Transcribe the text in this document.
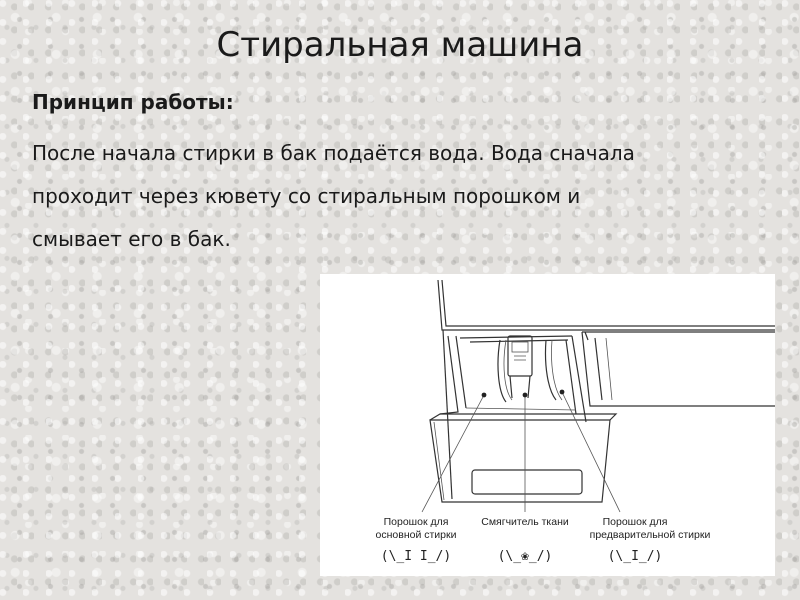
Стиральная машина
Принцип работы:
После начала стирки в бак подаётся вода. Вода сначала
проходит через кювету со стиральным порошком и
смывает его в бак.
Порошок для
основной стирки
(\_I I_/)
Смягчитель ткани
(\_❀_/)
Порошок для
предварительной стирки
(\_I_/)
